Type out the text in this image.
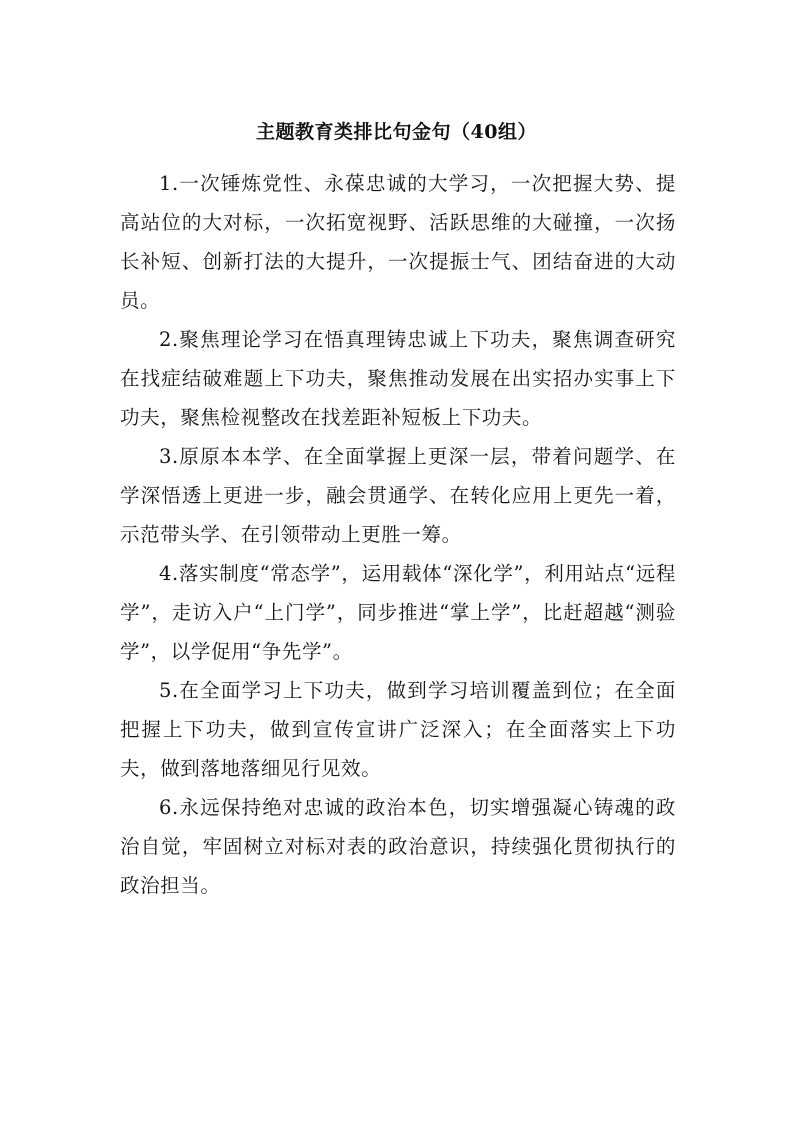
主题教育类排比句金句（40组）

1.一次锤炼党性、永葆忠诚的大学习，一次把握大势、提高站位的大对标，一次拓宽视野、活跃思维的大碰撞，一次扬长补短、创新打法的大提升，一次提振士气、团结奋进的大动员。

2.聚焦理论学习在悟真理铸忠诚上下功夫，聚焦调查研究在找症结破难题上下功夫，聚焦推动发展在出实招办实事上下功夫，聚焦检视整改在找差距补短板上下功夫。

3.原原本本学、在全面掌握上更深一层，带着问题学、在学深悟透上更进一步，融会贯通学、在转化应用上更先一着，示范带头学、在引领带动上更胜一筹。

4.落实制度“常态学”，运用载体“深化学”，利用站点“远程学”，走访入户“上门学”，同步推进“掌上学”，比赶超越“测验学”，以学促用“争先学”。

5.在全面学习上下功夫，做到学习培训覆盖到位；在全面把握上下功夫，做到宣传宣讲广泛深入；在全面落实上下功夫，做到落地落细见行见效。

6.永远保持绝对忠诚的政治本色，切实增强凝心铸魂的政治自觉，牢固树立对标对表的政治意识，持续强化贯彻执行的政治担当。
